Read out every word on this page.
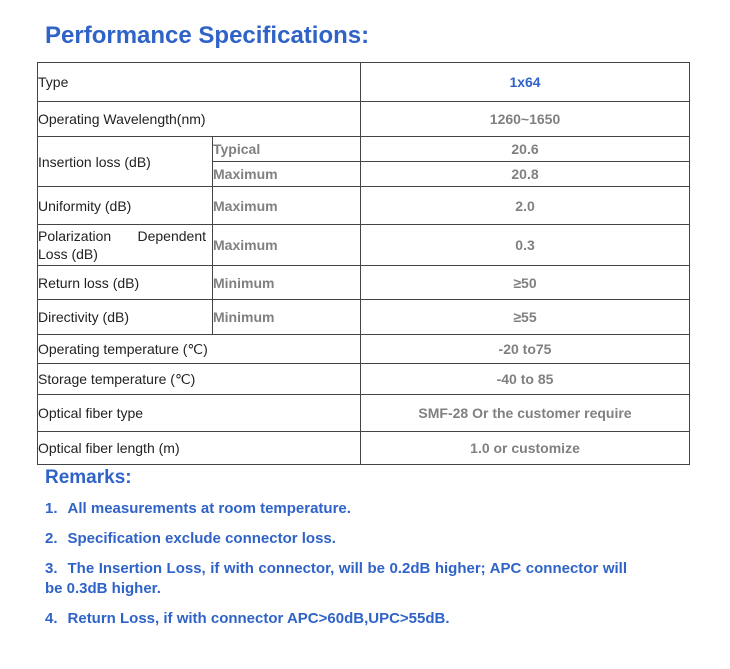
Performance Specifications:
Type		1x64
Operating Wavelength(nm)		1260~1650
Insertion loss (dB)	Typical	20.6
	Maximum	20.8
Uniformity (dB)	Maximum	2.0
Polarization Dependent Loss (dB)	Maximum	0.3
Return loss (dB)	Minimum	≥50
Directivity (dB)	Minimum	≥55
Operating temperature (℃)		-20 to75
Storage temperature (℃)		-40 to 85
Optical fiber type		SMF-28 Or the customer require
Optical fiber length (m)		1.0 or customize
Remarks:
1. All measurements at room temperature.
2. Specification exclude connector loss.
3. The Insertion Loss, if with connector, will be 0.2dB higher; APC connector will be 0.3dB higher.
4. Return Loss, if with connector APC>60dB,UPC>55dB.
